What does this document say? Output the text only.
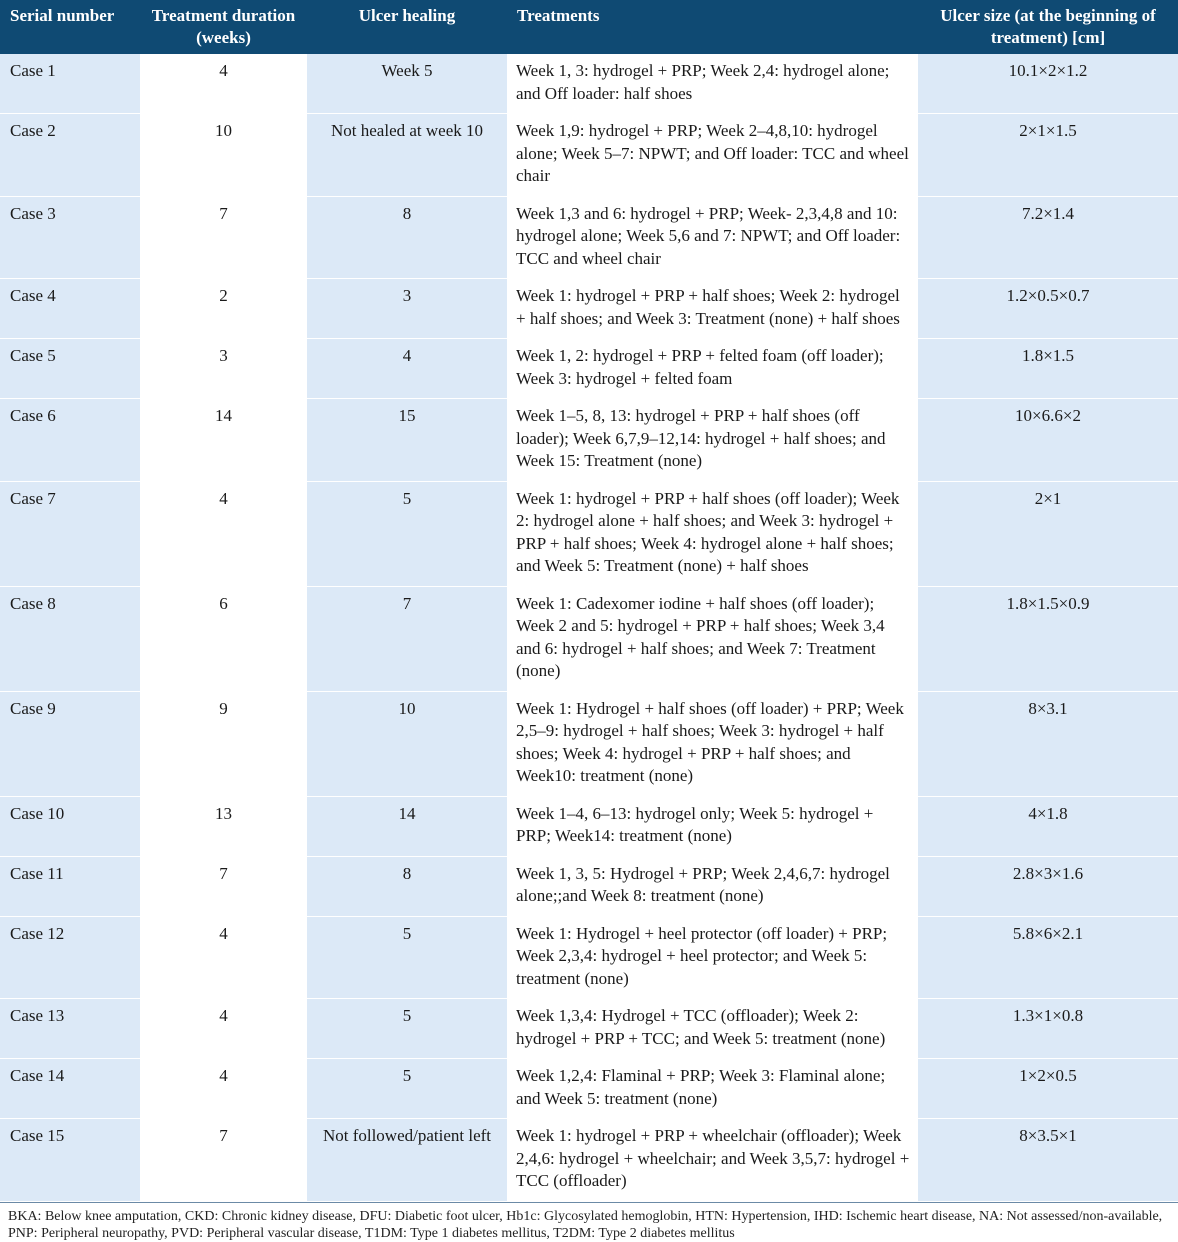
Serial number	Treatment duration (weeks)	Ulcer healing	Treatments	Ulcer size (at the beginning of treatment) [cm]
Case 1	4	Week 5	Week 1, 3: hydrogel + PRP; Week 2,4: hydrogel alone; and Off loader: half shoes	10.1×2×1.2
Case 2	10	Not healed at week 10	Week 1,9: hydrogel + PRP; Week 2–4,8,10: hydrogel alone; Week 5–7: NPWT; and Off loader: TCC and wheel chair	2×1×1.5
Case 3	7	8	Week 1,3 and 6: hydrogel + PRP; Week- 2,3,4,8 and 10: hydrogel alone; Week 5,6 and 7: NPWT; and Off loader: TCC and wheel chair	7.2×1.4
Case 4	2	3	Week 1: hydrogel + PRP + half shoes; Week 2: hydrogel + half shoes; and Week 3: Treatment (none) + half shoes	1.2×0.5×0.7
Case 5	3	4	Week 1, 2: hydrogel + PRP + felted foam (off loader); Week 3: hydrogel + felted foam	1.8×1.5
Case 6	14	15	Week 1–5, 8, 13: hydrogel + PRP + half shoes (off loader); Week 6,7,9–12,14: hydrogel + half shoes; and Week 15: Treatment (none)	10×6.6×2
Case 7	4	5	Week 1: hydrogel + PRP + half shoes (off loader); Week 2: hydrogel alone + half shoes; and Week 3: hydrogel + PRP + half shoes; Week 4: hydrogel alone + half shoes; and Week 5: Treatment (none) + half shoes	2×1
Case 8	6	7	Week 1: Cadexomer iodine + half shoes (off loader); Week 2 and 5: hydrogel + PRP + half shoes; Week 3,4 and 6: hydrogel + half shoes; and Week 7: Treatment (none)	1.8×1.5×0.9
Case 9	9	10	Week 1: Hydrogel + half shoes (off loader) + PRP; Week 2,5–9: hydrogel + half shoes; Week 3: hydrogel + half shoes; Week 4: hydrogel + PRP + half shoes; and Week10: treatment (none)	8×3.1
Case 10	13	14	Week 1–4, 6–13: hydrogel only; Week 5: hydrogel + PRP; Week14: treatment (none)	4×1.8
Case 11	7	8	Week 1, 3, 5: Hydrogel + PRP; Week 2,4,6,7: hydrogel alone;;and Week 8: treatment (none)	2.8×3×1.6
Case 12	4	5	Week 1: Hydrogel + heel protector (off loader) + PRP; Week 2,3,4: hydrogel + heel protector; and Week 5: treatment (none)	5.8×6×2.1
Case 13	4	5	Week 1,3,4: Hydrogel + TCC (offloader); Week 2: hydrogel + PRP + TCC; and Week 5: treatment (none)	1.3×1×0.8
Case 14	4	5	Week 1,2,4: Flaminal + PRP; Week 3: Flaminal alone; and Week 5: treatment (none)	1×2×0.5
Case 15	7	Not followed/patient left	Week 1: hydrogel + PRP + wheelchair (offloader); Week 2,4,6: hydrogel + wheelchair; and Week 3,5,7: hydrogel + TCC (offloader)	8×3.5×1
BKA: Below knee amputation, CKD: Chronic kidney disease, DFU: Diabetic foot ulcer, Hb1c: Glycosylated hemoglobin, HTN: Hypertension, IHD: Ischemic heart disease, NA: Not assessed/non-available, PNP: Peripheral neuropathy, PVD: Peripheral vascular disease, T1DM: Type 1 diabetes mellitus, T2DM: Type 2 diabetes mellitus
